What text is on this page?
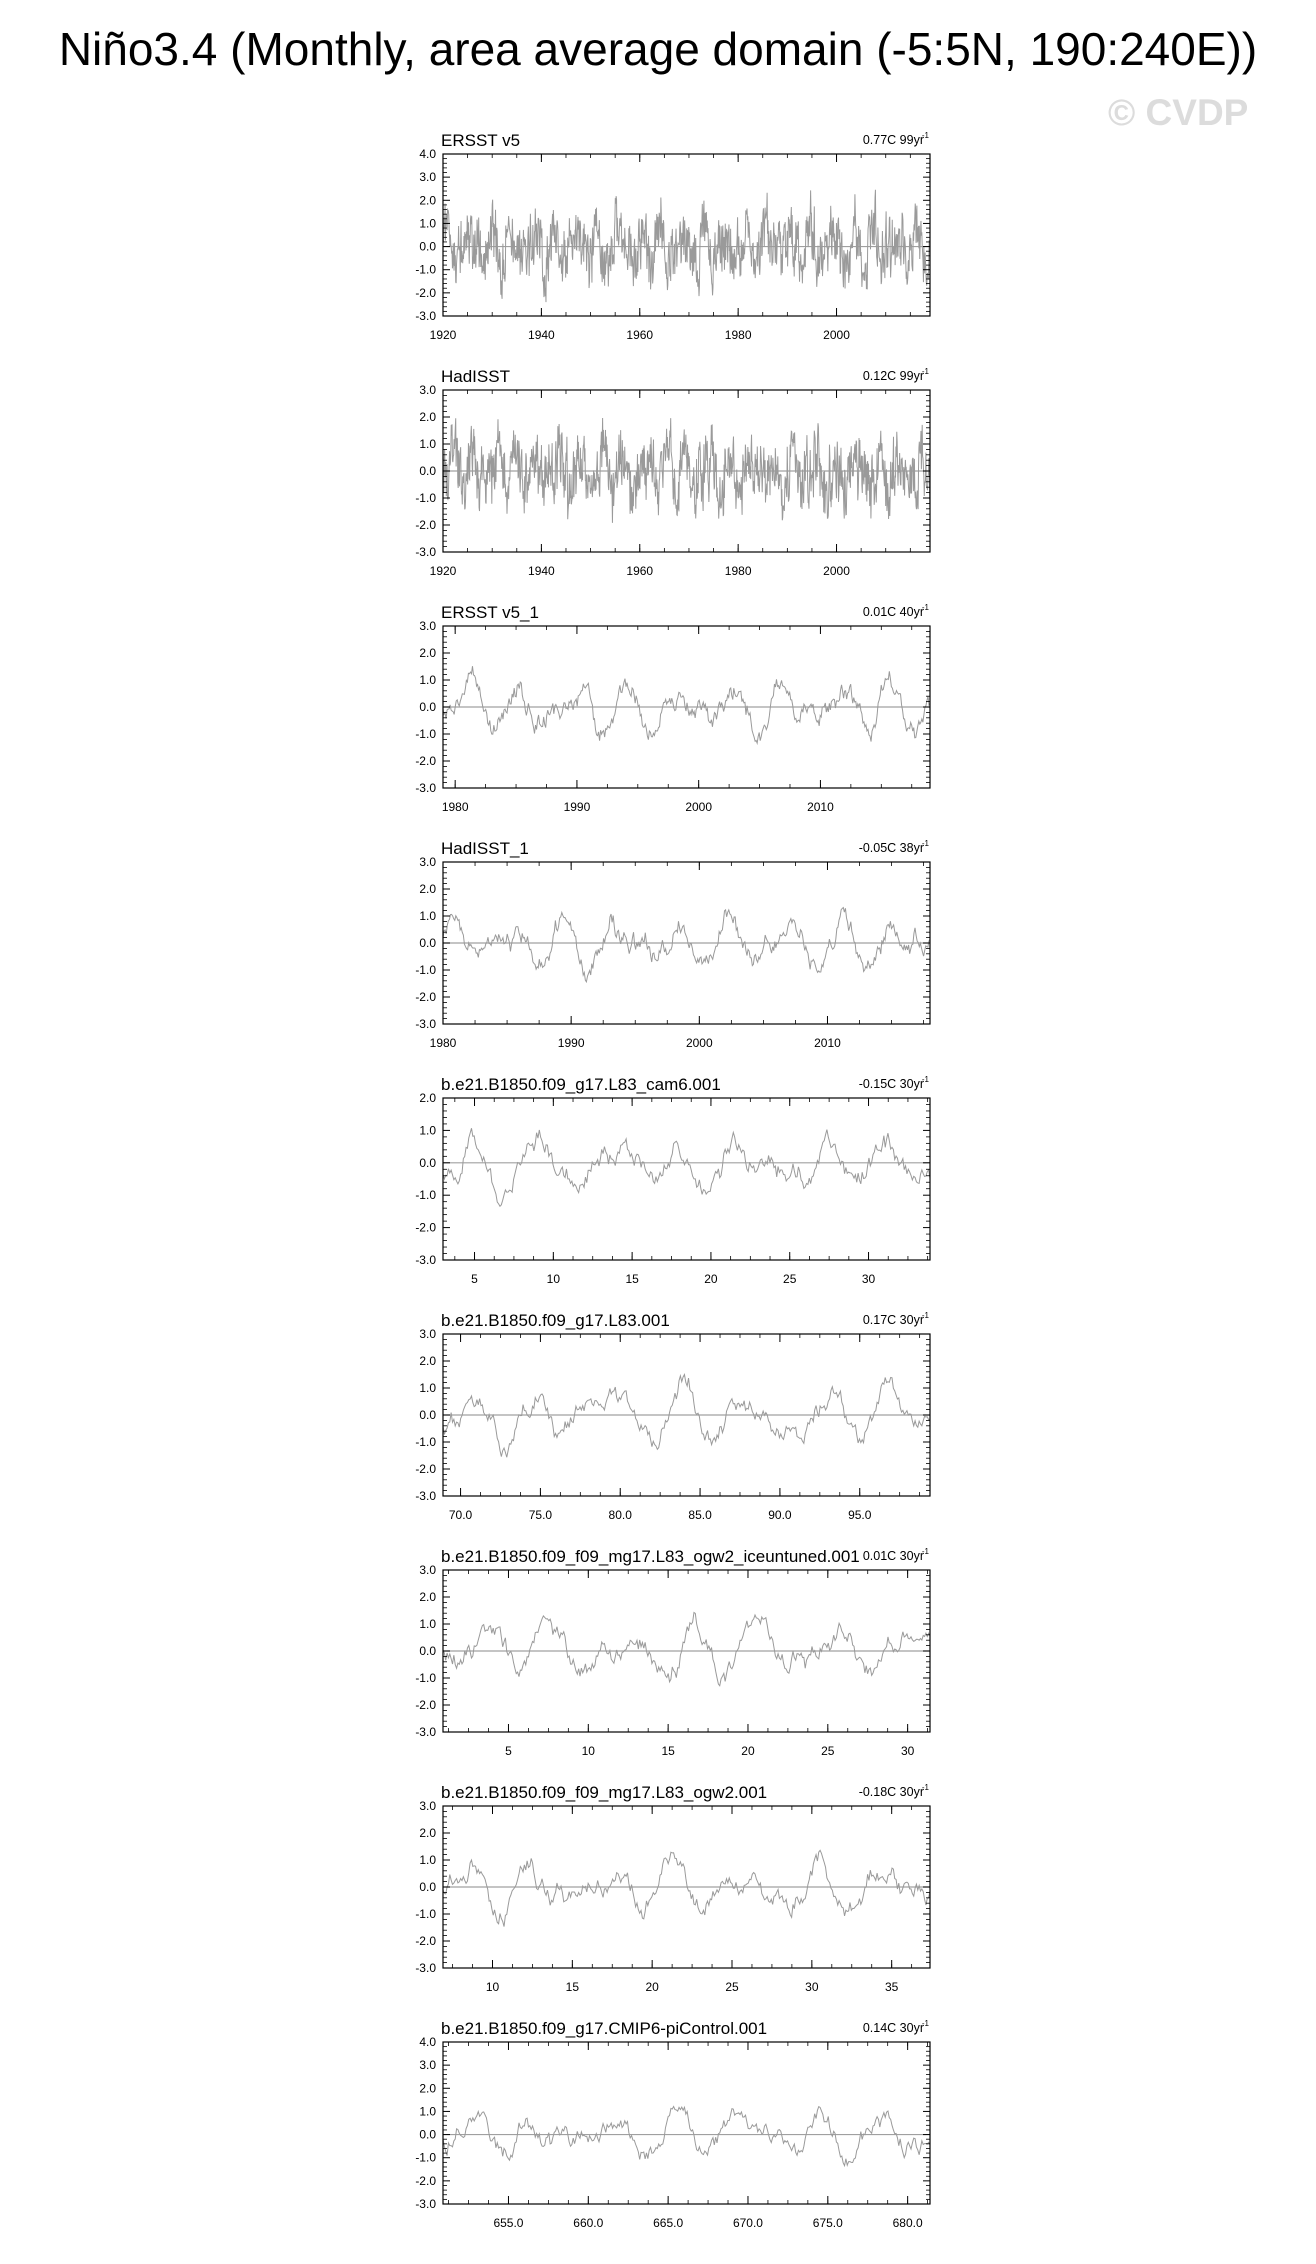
Niño3.4 (Monthly, area average domain (-5:5N, 190:240E))
© CVDP
ERSST v5	0.77C 99yr
-1
-3.0
-2.0
-1.0
0.0
1.0
2.0
3.0
4.0
1920	1940	1960	1980	2000
HadISST	0.12C 99yr
-1
-3.0
-2.0
-1.0
0.0
1.0
2.0
3.0
1920	1940	1960	1980	2000
ERSST v5_1	0.01C 40yr
-1
-3.0
-2.0
-1.0
0.0
1.0
2.0
3.0
1980	1990	2000	2010
HadISST_1	-0.05C 38yr
-1
-3.0
-2.0
-1.0
0.0
1.0
2.0
3.0
1980	1990	2000	2010
b.e21.B1850.f09_g17.L83_cam6.001	-0.15C 30yr
-1
-3.0
-2.0
-1.0
0.0
1.0
2.0
5	10	15	20	25	30
b.e21.B1850.f09_g17.L83.001	0.17C 30yr
-1
-3.0
-2.0
-1.0
0.0
1.0
2.0
3.0
70.0	75.0	80.0	85.0	90.0	95.0
b.e21.B1850.f09_f09_mg17.L83_ogw2_iceuntuned.001 0.01C 30yr
-1
-3.0
-2.0
-1.0
0.0
1.0
2.0
3.0
5	10	15	20	25	30
b.e21.B1850.f09_f09_mg17.L83_ogw2.001	-0.18C 30yr
-1
-3.0
-2.0
-1.0
0.0
1.0
2.0
3.0
10	15	20	25	30	35
b.e21.B1850.f09_g17.CMIP6-piControl.001	0.14C 30yr
-1
-3.0
-2.0
-1.0
0.0
1.0
2.0
3.0
4.0
655.0	660.0	665.0	670.0	675.0	680.0
